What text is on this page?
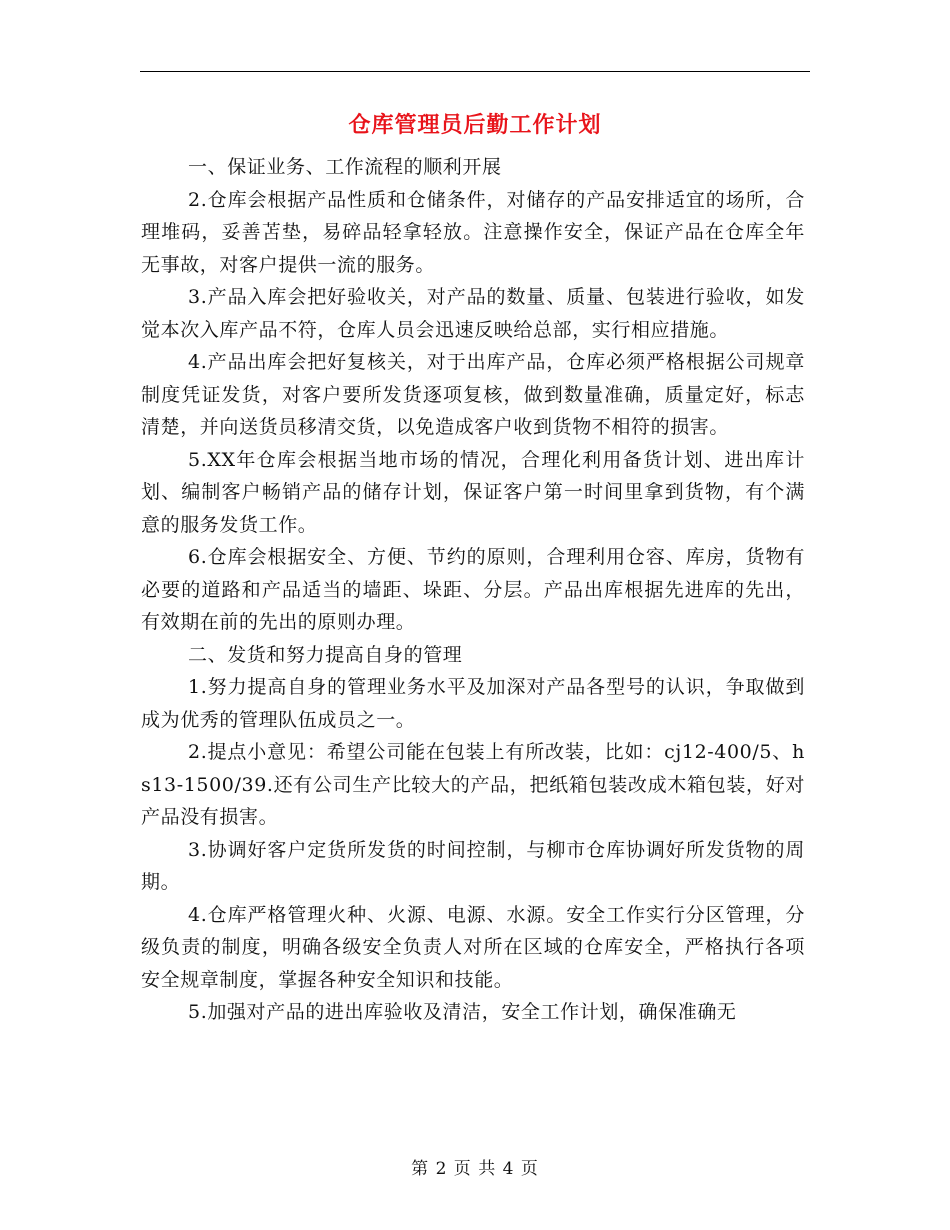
仓库管理员后勤工作计划

一、保证业务、工作流程的顺利开展

2.仓库会根据产品性质和仓储条件，对储存的产品安排适宜的场所，合理堆码，妥善苫垫，易碎品轻拿轻放。注意操作安全，保证产品在仓库全年无事故，对客户提供一流的服务。

3.产品入库会把好验收关，对产品的数量、质量、包装进行验收，如发觉本次入库产品不符，仓库人员会迅速反映给总部，实行相应措施。

4.产品出库会把好复核关，对于出库产品，仓库必须严格根据公司规章制度凭证发货，对客户要所发货逐项复核，做到数量准确，质量定好，标志清楚，并向送货员移清交货，以免造成客户收到货物不相符的损害。

5.XX年仓库会根据当地市场的情况，合理化利用备货计划、进出库计划、编制客户畅销产品的储存计划，保证客户第一时间里拿到货物，有个满意的服务发货工作。

6.仓库会根据安全、方便、节约的原则，合理利用仓容、库房，货物有必要的道路和产品适当的墙距、垛距、分层。产品出库根据先进库的先出，有效期在前的先出的原则办理。

二、发货和努力提高自身的管理

1.努力提高自身的管理业务水平及加深对产品各型号的认识，争取做到成为优秀的管理队伍成员之一。

2.提点小意见：希望公司能在包装上有所改装，比如：cj12-400/5、hs13-1500/39.还有公司生产比较大的产品，把纸箱包装改成木箱包装，好对产品没有损害。

3.协调好客户定货所发货的时间控制，与柳市仓库协调好所发货物的周期。

4.仓库严格管理火种、火源、电源、水源。安全工作实行分区管理，分级负责的制度，明确各级安全负责人对所在区域的仓库安全，严格执行各项安全规章制度，掌握各种安全知识和技能。

5.加强对产品的进出库验收及清洁，安全工作计划，确保准确无

第 2 页 共 4 页
